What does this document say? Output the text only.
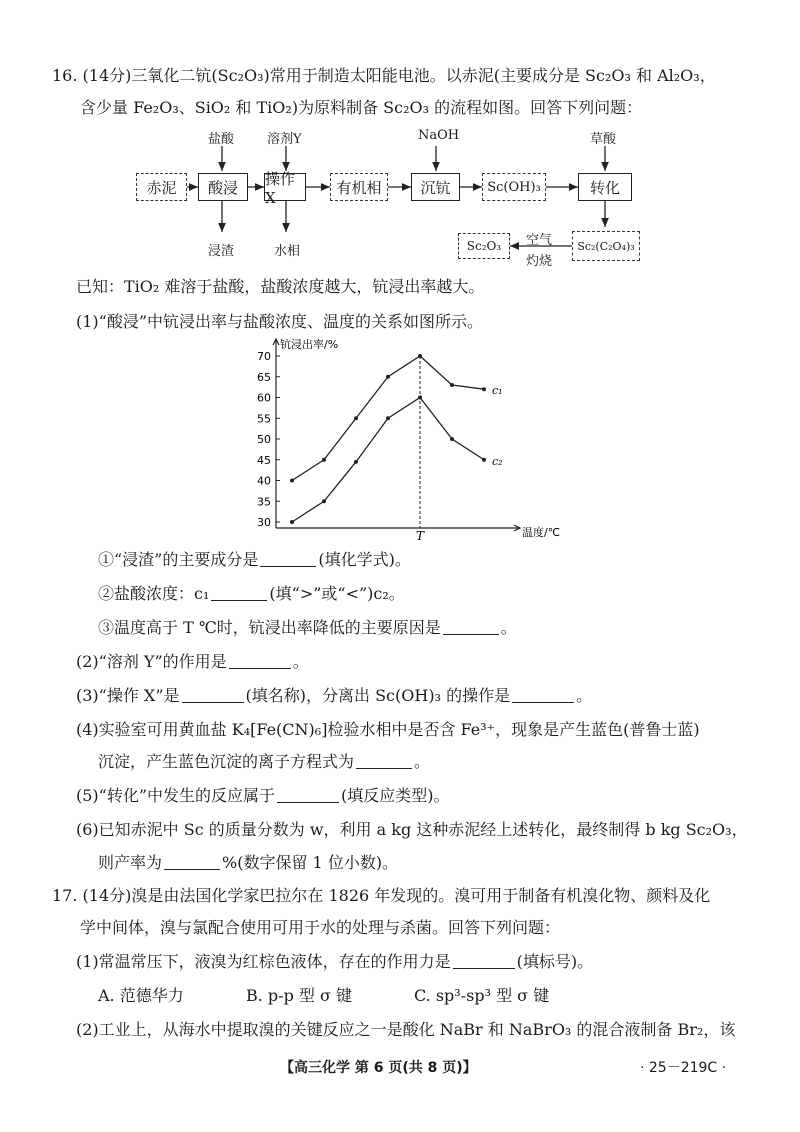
16. (14分)三氧化二钪(Sc₂O₃)常用于制造太阳能电池。以赤泥(主要成分是 Sc₂O₃ 和 Al₂O₃，
含少量 Fe₂O₃、SiO₂ 和 TiO₂)为原料制备 Sc₂O₃ 的流程如图。回答下列问题：
盐酸	溶剂Y	NaOH	草酸
赤泥	酸浸	操作X
有机相	沉钪	Sc(OH)₃	转化
Sc₂(C₂O₄)₃
Sc₂O₃
浸渣	水相
空气
灼烧
已知：TiO₂ 难溶于盐酸，盐酸浓度越大，钪浸出率越大。
(1)“酸浸”中钪浸出率与盐酸浓度、温度的关系如图所示。
30
35
40
45
50
55
60
65
70
钪浸出率/%
温度/℃
T
c₁
c₂
①“浸渣”的主要成分是	(填化学式)。
②盐酸浓度：c₁	(填“>”或“<”)c₂。
③温度高于 T ℃时，钪浸出率降低的主要原因是	。
(2)“溶剂 Y”的作用是	。
(3)“操作 X”是	(填名称)，分离出 Sc(OH)₃ 的操作是	。
(4)实验室可用黄血盐 K₄[Fe(CN)₆]检验水相中是否含 Fe³⁺，现象是产生蓝色(普鲁士蓝)
沉淀，产生蓝色沉淀的离子方程式为	。
(5)“转化”中发生的反应属于	(填反应类型)。
(6)已知赤泥中 Sc 的质量分数为 w，利用 a kg 这种赤泥经上述转化，最终制得 b kg Sc₂O₃，
则产率为	%(数字保留 1 位小数)。
17. (14分)溴是由法国化学家巴拉尔在 1826 年发现的。溴可用于制备有机溴化物、颜料及化
学中间体，溴与氯配合使用可用于水的处理与杀菌。回答下列问题：
(1)常温常压下，液溴为红棕色液体，存在的作用力是	(填标号)。
A. 范德华力	B. p-p 型 σ 键	C. sp³-sp³ 型 σ 键
(2)工业上，从海水中提取溴的关键反应之一是酸化 NaBr 和 NaBrO₃ 的混合液制备 Br₂，该
【高三化学 第 6 页(共 8 页)】	· 25－219C ·
